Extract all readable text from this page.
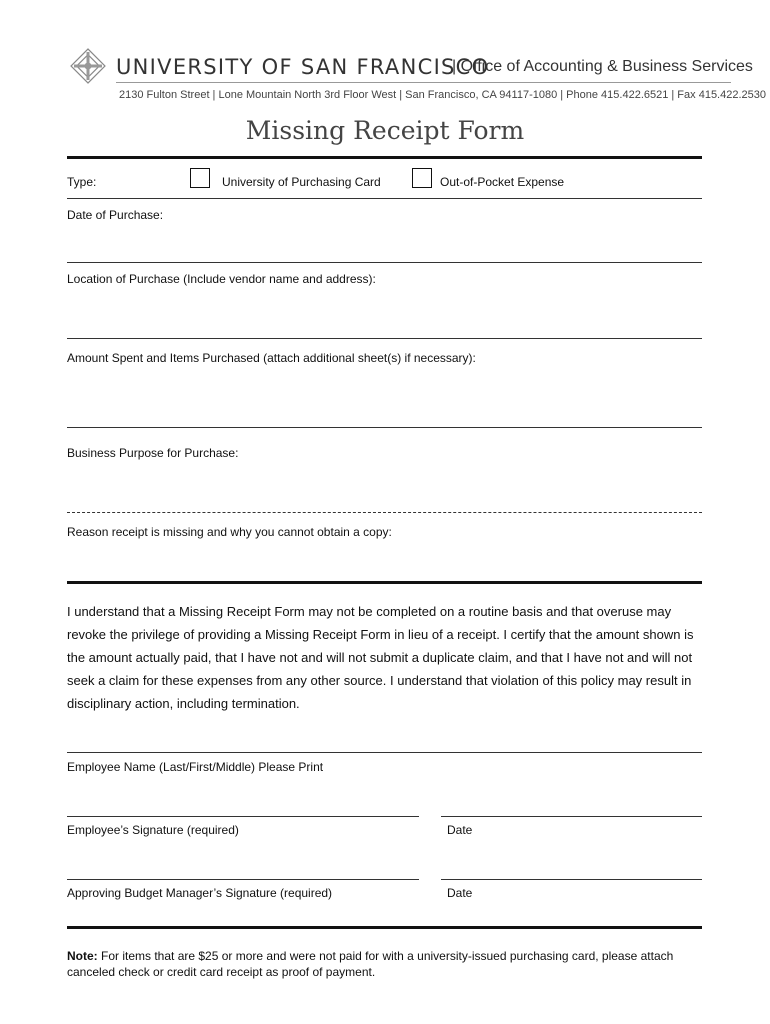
UNIVERSITY OF SAN FRANCISCO
| Office of Accounting & Business Services
2130 Fulton Street | Lone Mountain North 3rd Floor West | San Francisco, CA 94117-1080 | Phone 415.422.6521 | Fax 415.422.2530
Missing Receipt Form
Type:	University of Purchasing Card	Out-of-Pocket Expense
Date of Purchase:
Location of Purchase (Include vendor name and address):
Amount Spent and Items Purchased (attach additional sheet(s) if necessary):
Business Purpose for Purchase:
Reason receipt is missing and why you cannot obtain a copy:
I understand that a Missing Receipt Form may not be completed on a routine basis and that overuse may revoke the privilege of providing a Missing Receipt Form in lieu of a receipt. I certify that the amount shown is the amount actually paid, that I have not and will not submit a duplicate claim, and that I have not and will not seek a claim for these expenses from any other source. I understand that violation of this policy may result in disciplinary action, including termination.
Employee Name (Last/First/Middle) Please Print
Employee’s Signature (required)	Date
Approving Budget Manager’s Signature (required)	Date
Note: For items that are $25 or more and were not paid for with a university-issued purchasing card, please attach canceled check or credit card receipt as proof of payment.
